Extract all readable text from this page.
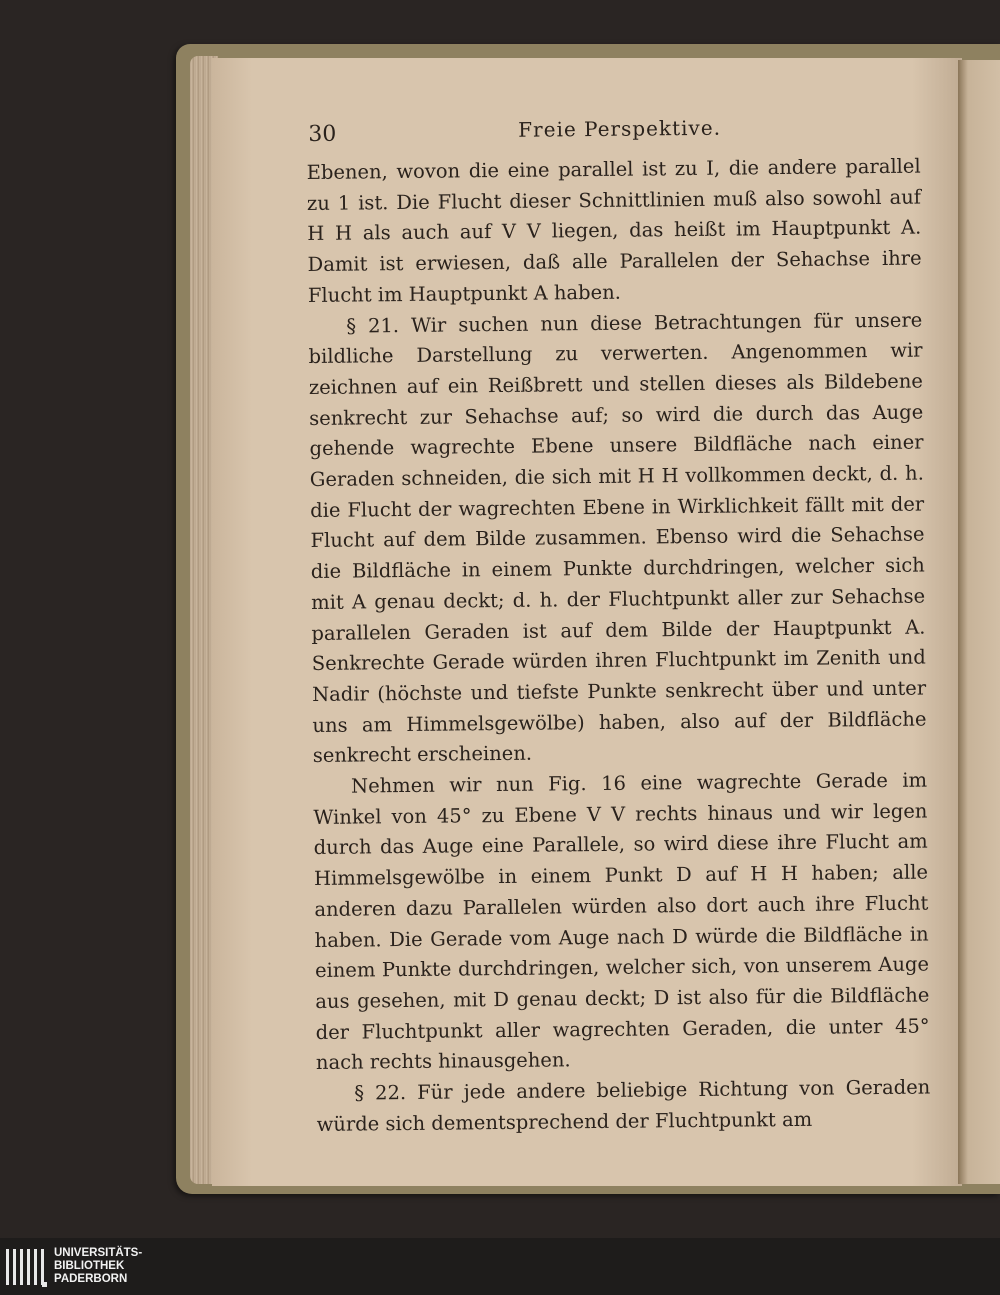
30	Freie Perspektive.

Ebenen, wovon die eine parallel ist zu I, die andere parallel zu 1 ist. Die Flucht dieser Schnittlinien muß also sowohl auf H H als auch auf V V liegen, das heißt im Hauptpunkt A. Damit ist erwiesen, daß alle Parallelen der Sehachse ihre Flucht im Hauptpunkt A haben.

§ 21. Wir suchen nun diese Betrachtungen für unsere bildliche Darstellung zu verwerten. Angenommen wir zeichnen auf ein Reißbrett und stellen dieses als Bildebene senkrecht zur Sehachse auf; so wird die durch das Auge gehende wagrechte Ebene unsere Bildfläche nach einer Geraden schneiden, die sich mit H H vollkommen deckt, d. h. die Flucht der wagrechten Ebene in Wirklichkeit fällt mit der Flucht auf dem Bilde zusammen. Ebenso wird die Sehachse die Bildfläche in einem Punkte durchdringen, welcher sich mit A genau deckt; d. h. der Fluchtpunkt aller zur Sehachse parallelen Geraden ist auf dem Bilde der Hauptpunkt A. Senkrechte Gerade würden ihren Fluchtpunkt im Zenith und Nadir (höchste und tiefste Punkte senkrecht über und unter uns am Himmelsgewölbe) haben, also auf der Bildfläche senkrecht erscheinen.

Nehmen wir nun Fig. 16 eine wagrechte Gerade im Winkel von 45° zu Ebene V V rechts hinaus und wir legen durch das Auge eine Parallele, so wird diese ihre Flucht am Himmelsgewölbe in einem Punkt D auf H H haben; alle anderen dazu Parallelen würden also dort auch ihre Flucht haben. Die Gerade vom Auge nach D würde die Bildfläche in einem Punkte durchdringen, welcher sich, von unserem Auge aus gesehen, mit D genau deckt; D ist also für die Bildfläche der Fluchtpunkt aller wagrechten Geraden, die unter 45° nach rechts hinausgehen.

§ 22. Für jede andere beliebige Richtung von Geraden würde sich dementsprechend der Fluchtpunkt am

UNIVERSITÄTS-
BIBLIOTHEK
PADERBORN
